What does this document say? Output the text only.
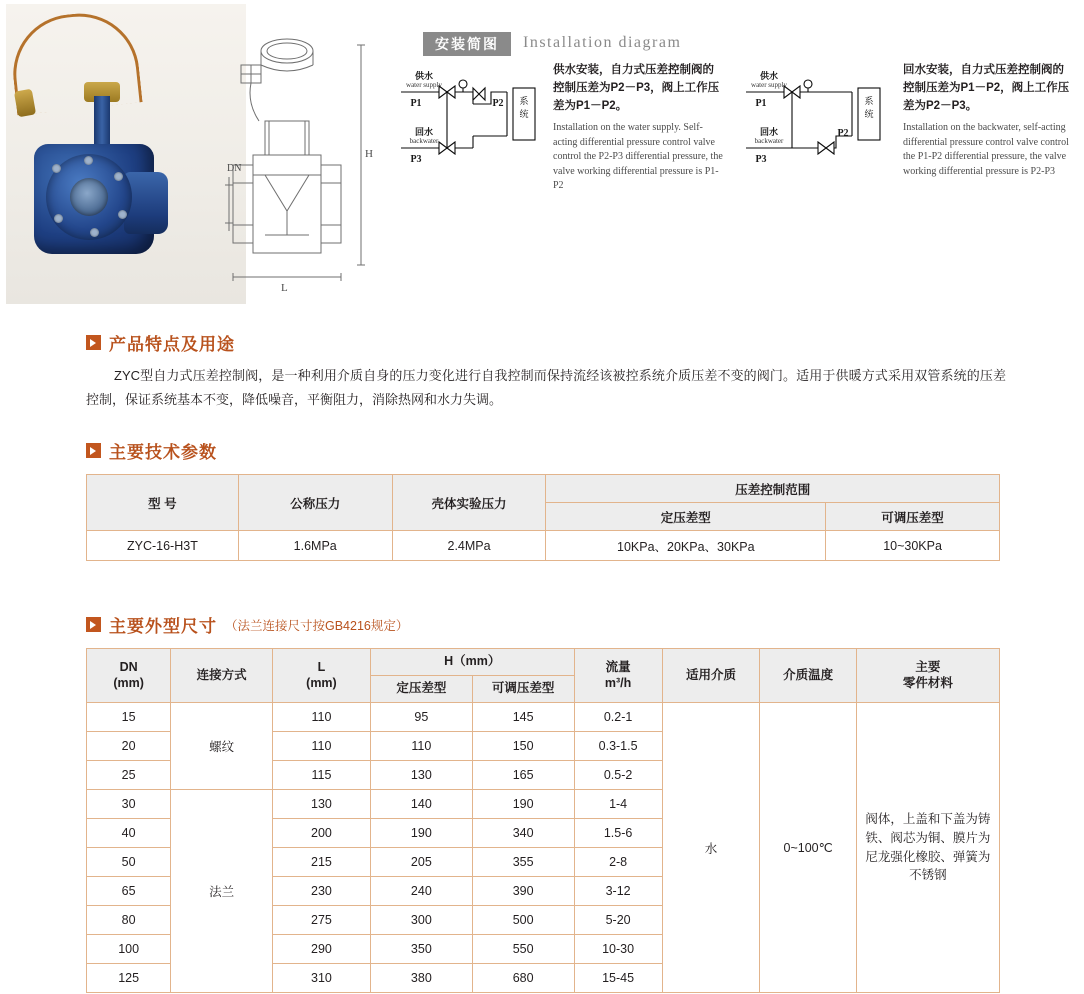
H
L
DN
安装简图	Installation diagram
系
统
供水
water supply
P1	P2
回水
backwater
P3
供水安装，自力式压差控制阀的控制压差为P2－P3，阀上工作压差为P1－P2。
Installation on the water supply. Self-acting differential pressure control valve control the P2-P3 differential pressure, the valve working differential pressure is P1-P2
系
统
供水
water supply
P1
P2
回水
backwater
P3
回水安装，自力式压差控制阀的控制压差为P1－P2，阀上工作压差为P2－P3。
Installation on the backwater, self-acting differential pressure control valve control the P1-P2 differential pressure, the valve working differential pressure is P2-P3
产品特点及用途
ZYC型自力式压差控制阀，是一种利用介质自身的压力变化进行自我控制而保持流经该被控系统介质压差不变的阀门。适用于供暖方式采用双管系统的压差控制，保证系统基本不变，降低噪音，平衡阻力，消除热网和水力失调。
主要技术参数
型 号	公称压力	壳体实验压力	压差控制范围	
			定压差型	可调压差型
ZYC-16-H3T	1.6MPa	2.4MPa	10KPa、20KPa、30KPa	10~30KPa
主要外型尺寸 （法兰连接尺寸按GB4216规定）
DN
(mm)
	连接方式	
L
(mm)
	H（mm）	流量
m³/h
	适用介质	介质温度	
主要
零件材料

			定压差型	可调压差型				
15	螺纹	110	95	145	0.2-1	水	0~100℃	阀体，上盖和下盖为铸铁、阀芯为铜、膜片为尼龙强化橡胶、弹簧为不锈钢
20		110	110	150	0.3-1.5			
25		115	130	165	0.5-2			
30	法兰	130	140	190	1-4			
40		200	190	340	1.5-6			
50		215	205	355	2-8			
65		230	240	390	3-12			
80		275	300	500	5-20			
100		290	350	550	10-30			
125		310	380	680	15-45			
